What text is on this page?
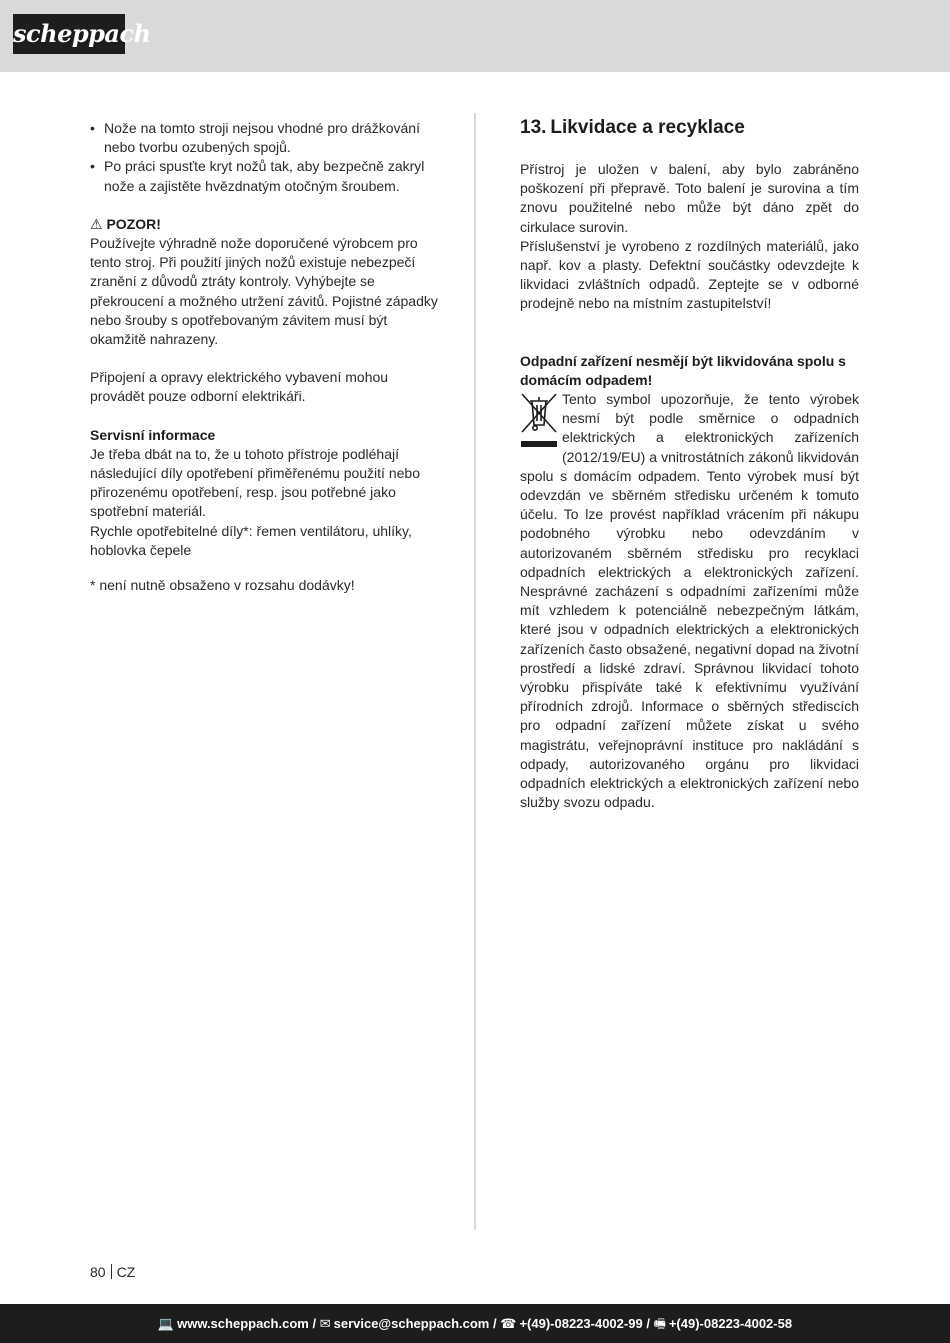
scheppach
• Nože na tomto stroji nejsou vhodné pro drážkování nebo tvorbu ozubených spojů.
• Po práci spusťte kryt nožů tak, aby bezpečně zakryl nože a zajistěte hvězdnatým otočným šroubem.

⚠ POZOR!

Používejte výhradně nože doporučené výrobcem pro tento stroj. Při použití jiných nožů existuje nebezpečí zranění z důvodů ztráty kontroly. Vyhýbejte se překroucení a možného utržení závitů. Pojistné západky nebo šrouby s opotřebovaným závitem musí být okamžitě nahrazeny.

Připojení a opravy elektrického vybavení mohou provádět pouze odborní elektrikáři.

Servisní informace

Je třeba dbát na to, že u tohoto přístroje podléhají následující díly opotřebení přiměřenému použití nebo přirozenému opotřebení, resp. jsou potřebné jako spotřební materiál.

Rychle opotřebitelné díly*: řemen ventilátoru, uhlíky, hoblovka čepele

* není nutně obsaženo v rozsahu dodávky!

13. Likvidace a recyklace

Přístroj je uložen v balení, aby bylo zabráněno poškození při přepravě. Toto balení je surovina a tím znovu použitelné nebo může být dáno zpět do cirkulace surovin.

Příslušenství je vyrobeno z rozdílných materiálů, jako např. kov a plasty. Defektní součástky odevzdejte k likvidaci zvláštních odpadů. Zeptejte se v odborné prodejně nebo na místním zastupitelství!

Odpadní zařízení nesmějí být likvidována spolu s domácím odpadem!

Tento symbol upozorňuje, že tento výrobek nesmí být podle směrnice o odpadních elektrických a elektronických zařízeních (2012/19/EU) a vnitrostátních zákonů likvidován spolu s domácím odpadem. Tento výrobek musí být odevzdán ve sběrném středisku určeném k tomuto účelu. To lze provést například vrácením při nákupu podobného výrobku nebo odevzdáním v autorizovaném sběrném středisku pro recyklaci odpadních elektrických a elektronických zařízení. Nesprávné zacházení s odpadními zařízeními může mít vzhledem k potenciálně nebezpečným látkám, které jsou v odpadních elektrických a elektronických zařízeních často obsažené, negativní dopad na životní prostředí a lidské zdraví. Správnou likvidací tohoto výrobku přispíváte také k efektivnímu využívání přírodních zdrojů. Informace o sběrných střediscích pro odpadní zařízení můžete získat u svého magistrátu, veřejnoprávní instituce pro nakládání s odpady, autorizovaného orgánu pro likvidaci odpadních elektrických a elektronických zařízení nebo služby svozu odpadu.
80 CZ
💻 www.scheppach.com / ✉ service@scheppach.com / ☎ +(49)-08223-4002-99 / 🖷 +(49)-08223-4002-58
